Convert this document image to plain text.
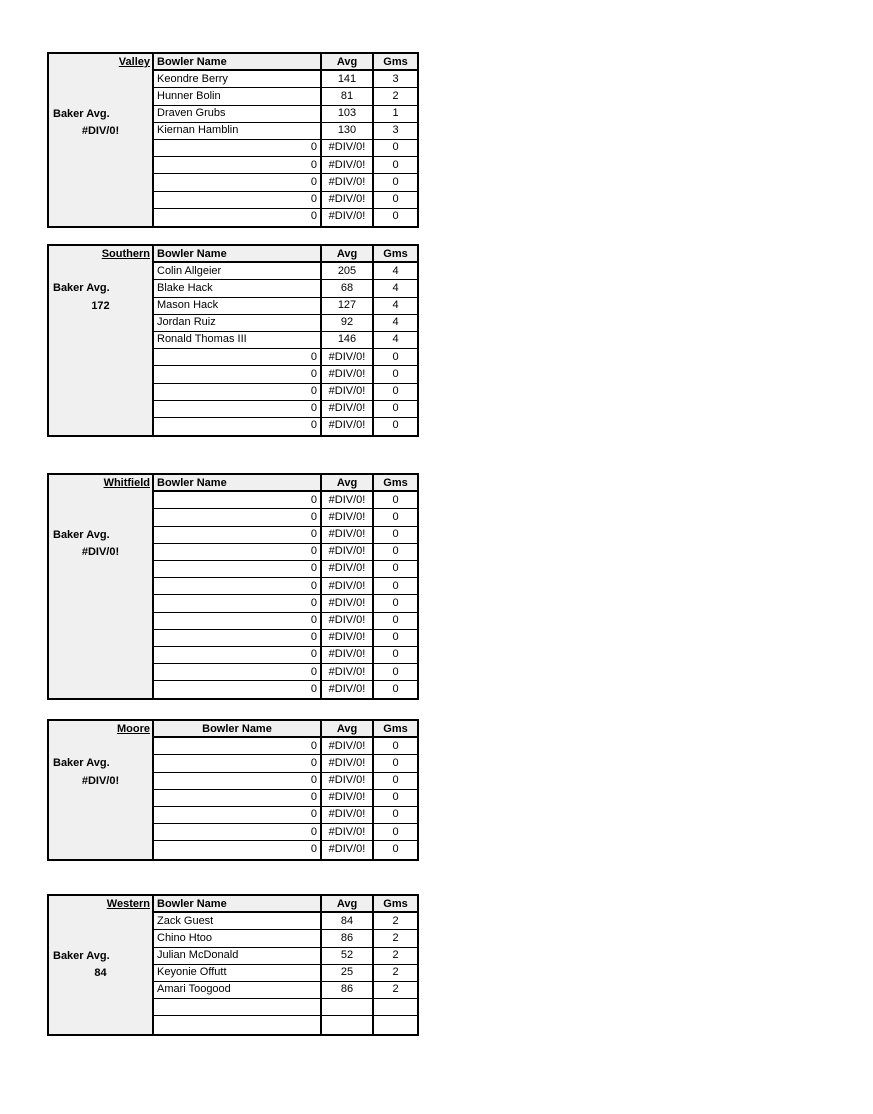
Valley
Baker Avg.
#DIV/0!
Bowler Name	Avg	Gms
Keondre Berry	141	3
Hunner Bolin	81	2
Draven Grubs	103	1
Kiernan Hamblin	130	3
0	#DIV/0!	0
0	#DIV/0!	0
0	#DIV/0!	0
0	#DIV/0!	0
0	#DIV/0!	0
Southern
Baker Avg.
172
Bowler Name	Avg	Gms
Colin Allgeier	205	4
Blake Hack	68	4
Mason Hack	127	4
Jordan Ruiz	92	4
Ronald Thomas III	146	4
0	#DIV/0!	0
0	#DIV/0!	0
0	#DIV/0!	0
0	#DIV/0!	0
0	#DIV/0!	0
Whitfield
Baker Avg.
#DIV/0!
Bowler Name	Avg	Gms
0	#DIV/0!	0
0	#DIV/0!	0
0	#DIV/0!	0
0	#DIV/0!	0
0	#DIV/0!	0
0	#DIV/0!	0
0	#DIV/0!	0
0	#DIV/0!	0
0	#DIV/0!	0
0	#DIV/0!	0
0	#DIV/0!	0
0	#DIV/0!	0
Moore
Baker Avg.
#DIV/0!
Bowler Name	Avg	Gms
0	#DIV/0!	0
0	#DIV/0!	0
0	#DIV/0!	0
0	#DIV/0!	0
0	#DIV/0!	0
0	#DIV/0!	0
0	#DIV/0!	0
Western
Baker Avg.
84
Bowler Name	Avg	Gms
Zack Guest	84	2
Chino Htoo	86	2
Julian McDonald	52	2
Keyonie Offutt	25	2
Amari Toogood	86	2
